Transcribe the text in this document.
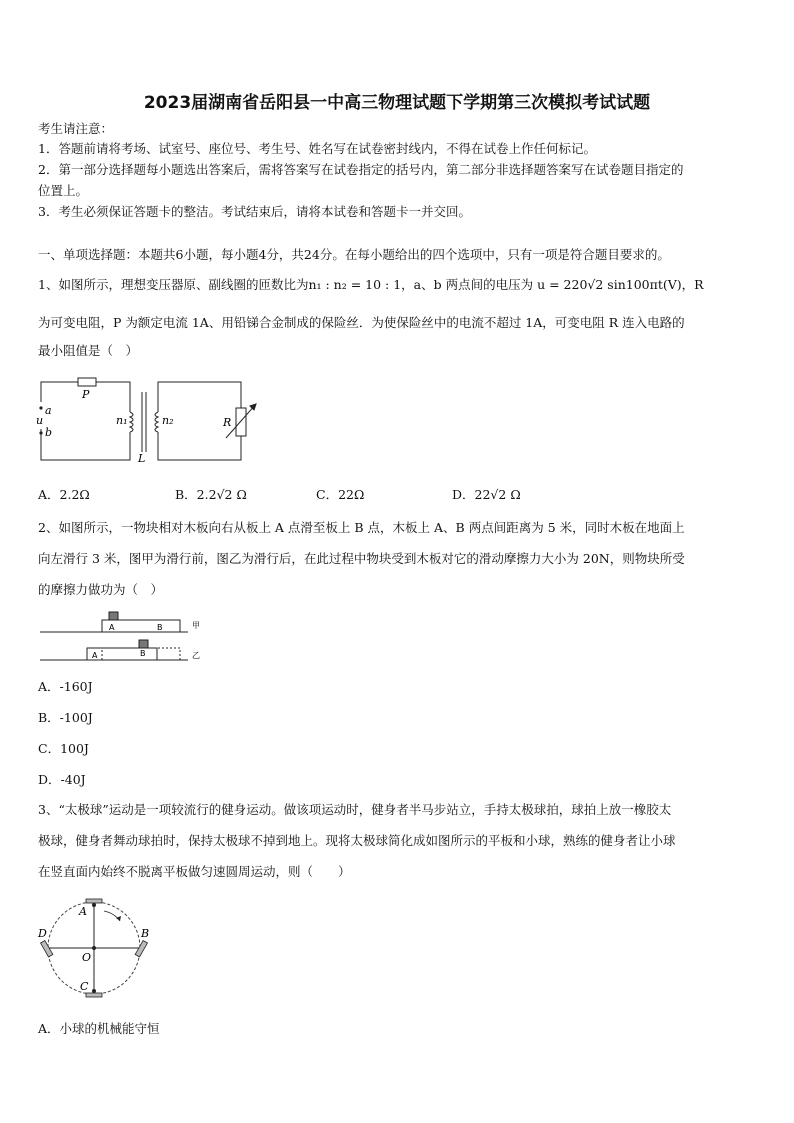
2023届湖南省岳阳县一中高三物理试题下学期第三次模拟考试试题
考生请注意：
1．答题前请将考场、试室号、座位号、考生号、姓名写在试卷密封线内，不得在试卷上作任何标记。
2．第一部分选择题每小题选出答案后，需将答案写在试卷指定的括号内，第二部分非选择题答案写在试卷题目指定的
位置上。
3．考生必须保证答题卡的整洁。考试结束后，请将本试卷和答题卡一并交回。
一、单项选择题：本题共6小题，每小题4分，共24分。在每小题给出的四个选项中，只有一项是符合题目要求的。
1、如图所示，理想变压器原、副线圈的匝数比为n₁ : n₂ = 10 : 1，a、b 两点间的电压为 u = 220√2 sin100πt(V)，R
为可变电阻，P 为额定电流 1A、用铅锑合金制成的保险丝．为使保险丝中的电流不超过 1A，可变电阻 R 连入电路的
最小阻值是（　）
P
a
u
b
n₁	n₂
L
R
A．2.2Ω	B．2.2√2 Ω	C．22Ω	D．22√2 Ω
2、如图所示，一物块相对木板向右从板上 A 点滑至板上 B 点，木板上 A、B 两点间距离为 5 米，同时木板在地面上
向左滑行 3 米，图甲为滑行前，图乙为滑行后，在此过程中物块受到木板对它的滑动摩擦力大小为 20N，则物块所受
的摩擦力做功为（　）
A	B
A	B
甲
乙
A．-160J
B．-100J
C．100J
D．-40J
3、“太极球”运动是一项较流行的健身运动。做该项运动时，健身者半马步站立，手持太极球拍，球拍上放一橡胶太
极球，健身者舞动球拍时，保持太极球不掉到地上。现将太极球简化成如图所示的平板和小球，熟练的健身者让小球
在竖直面内始终不脱离平板做匀速圆周运动，则（　　）
A
B
C
D
O
A．小球的机械能守恒
